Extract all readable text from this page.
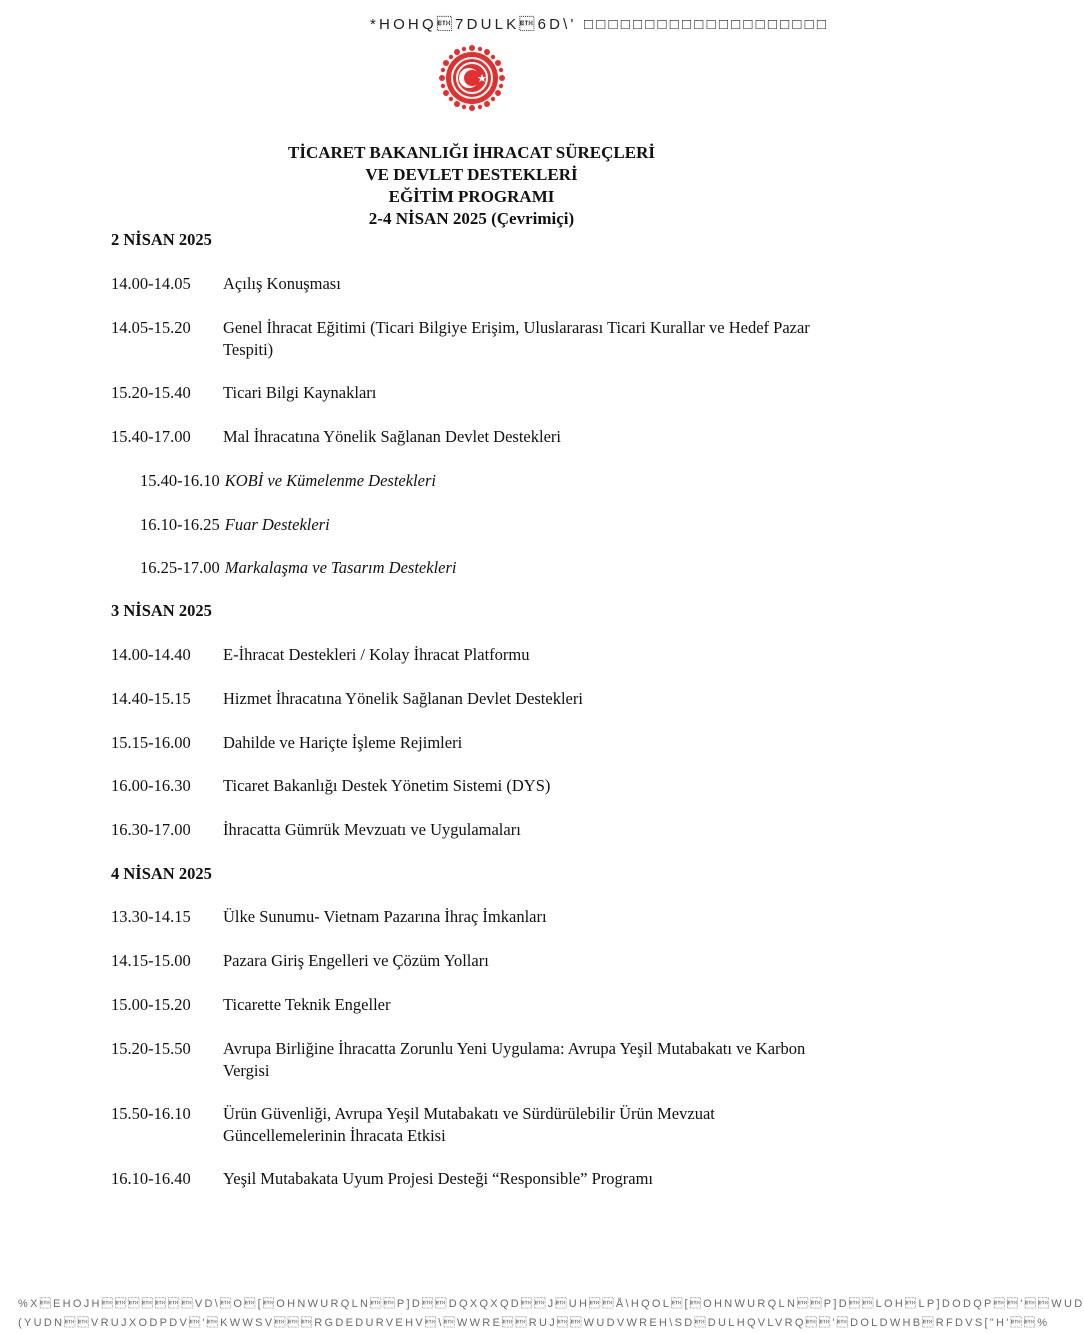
*HOHQ7DULK6D\' □□□□□□□□□□□□□□□□□□□□
TİCARET BAKANLIĞI İHRACAT SÜREÇLERİ
VE DEVLET DESTEKLERİ
EĞİTİM PROGRAMI
2-4 NİSAN 2025 (Çevrimiçi)
2 NİSAN 2025
14.00-14.05	Açılış Konuşması
14.05-15.20	Genel İhracat Eğitimi (Ticari Bilgiye Erişim, Uluslararası Ticari Kurallar ve Hedef Pazar Tespiti)
15.20-15.40	Ticari Bilgi Kaynakları
15.40-17.00	Mal İhracatına Yönelik Sağlanan Devlet Destekleri
15.40-16.10 KOBİ ve Kümelenme Destekleri
16.10-16.25 Fuar Destekleri
16.25-17.00 Markalaşma ve Tasarım Destekleri
3 NİSAN 2025
14.00-14.40	E-İhracat Destekleri / Kolay İhracat Platformu
14.40-15.15	Hizmet İhracatına Yönelik Sağlanan Devlet Destekleri
15.15-16.00	Dahilde ve Hariçte İşleme Rejimleri
16.00-16.30	Ticaret Bakanlığı Destek Yönetim Sistemi (DYS)
16.30-17.00	İhracatta Gümrük Mevzuatı ve Uygulamaları
4 NİSAN 2025
13.30-14.15	Ülke Sunumu- Vietnam Pazarına İhraç İmkanları
14.15-15.00	Pazara Giriş Engelleri ve Çözüm Yolları
15.00-15.20	Ticarette Teknik Engeller
15.20-15.50	Avrupa Birliğine İhracatta Zorunlu Yeni Uygulama: Avrupa Yeşil Mutabakatı ve Karbon Vergisi
15.50-16.10	Ürün Güvenliği, Avrupa Yeşil Mutabakatı ve Sürdürülebilir Ürün Mevzuat Güncellemelerinin İhracata Etkisi
16.10-16.40	Yeşil Mutabakata Uyum Projesi Desteği “Responsible” Programı
%XEHOJHVD\O[OHNWURQLNP]DDQXQXQDJUHÅ\HQOL[OHNWURQLNP]DLOHLP]DODQP'WUD
(YUDNVRUJXODPDV'KWWSVRGDEDURVEHV\WWRERUJWUDVWREH\SDDULHQVLVRQ'DOLDWHBRFDVS["H'%
